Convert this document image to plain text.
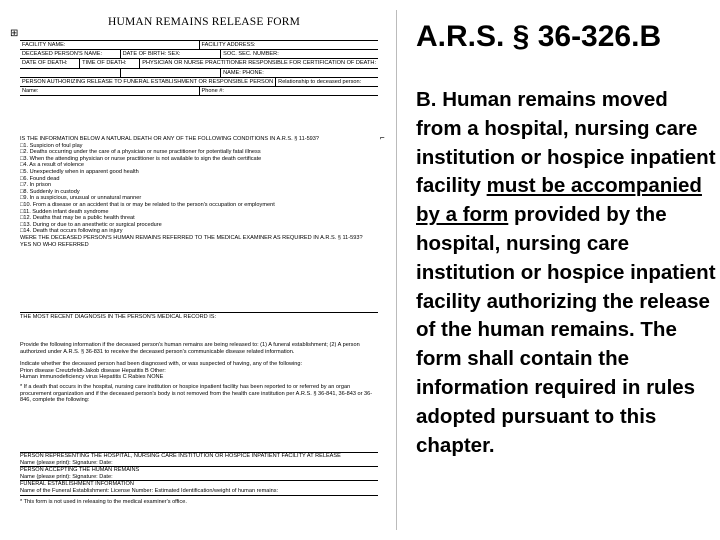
HUMAN REMAINS RELEASE FORM
⊞
⌐
FACILITY NAME:	FACILITY ADDRESS:
DECEASED PERSON'S NAME:	DATE OF BIRTH: SEX:	SOC. SEC. NUMBER:
DATE OF DEATH:	TIME OF DEATH:	PHYSICIAN OR NURSE PRACTITIONER RESPONSIBLE FOR CERTIFICATION OF DEATH:
NAME: PHONE:
PERSON AUTHORIZING RELEASE TO FUNERAL ESTABLISHMENT OR RESPONSIBLE PERSON Relationship to deceased person:
Name:	Phone #:

IS THE INFORMATION BELOW A NATURAL DEATH OR ANY OF THE FOLLOWING CONDITIONS IN A.R.S. § 11-593?

□ 1. Suspicion of foul play
□ 2. Deaths occurring under the care of a physician or nurse practitioner for potentially fatal illness
□ 3. When the attending physician or nurse practitioner is not available to sign the death certificate
□ 4. As a result of violence
□ 5. Unexpectedly when in apparent good health
□ 6. Found dead
□ 7. In prison
□ 8. Suddenly in custody
□ 9. In a suspicious, unusual or unnatural manner
□ 10. From a disease or an accident that is or may be related to the person's occupation or employment
□ 11. Sudden infant death syndrome
□ 12. Deaths that may be a public health threat
□ 13. During or due to an anesthetic or surgical procedure
□ 14. Death that occurs following an injury

WERE THE DECEASED PERSON'S HUMAN REMAINS REFERRED TO THE MEDICAL EXAMINER AS REQUIRED IN A.R.S. § 11-593?

YES NO WHO REFERRED

THE MOST RECENT DIAGNOSIS IN THE PERSON'S MEDICAL RECORD IS:

Provide the following information if the deceased person's human remains are being released to: (1) A funeral establishment; (2) A person authorized under A.R.S. § 36-831 to receive the deceased person's communicable disease related information.

Indicate whether the deceased person had been diagnosed with, or was suspected of having, any of the following:

Prion disease Creutzfeldt-Jakob disease Hepatitis B Other:

Human immunodeficiency virus Hepatitis C Rabies NONE

* If a death that occurs in the hospital, nursing care institution or hospice inpatient facility has been reported to or referred by an organ procurement organization and if the deceased person's body is not removed from the health care institution per A.R.S. § 36-841, 36-843 or 36-846, complete the following:

PERSON REPRESENTING THE HOSPITAL, NURSING CARE INSTITUTION OR HOSPICE INPATIENT FACILITY AT RELEASE

Name (please print): Signature: Date:

PERSON ACCEPTING THE HUMAN REMAINS

Name (please print): Signature: Date:

FUNERAL ESTABLISHMENT INFORMATION

Name of the Funeral Establishment: License Number: Estimated Identification/weight of human remains:

* This form is not used in releasing to the medical examiner's office.

A.R.S. § 36-326.B
B. Human remains moved from a hospital, nursing care institution or hospice inpatient facility must be accompanied by a form provided by the hospital, nursing care institution or hospice inpatient facility authorizing the release of the human remains. The form shall contain the information required in rules adopted pursuant to this chapter.
